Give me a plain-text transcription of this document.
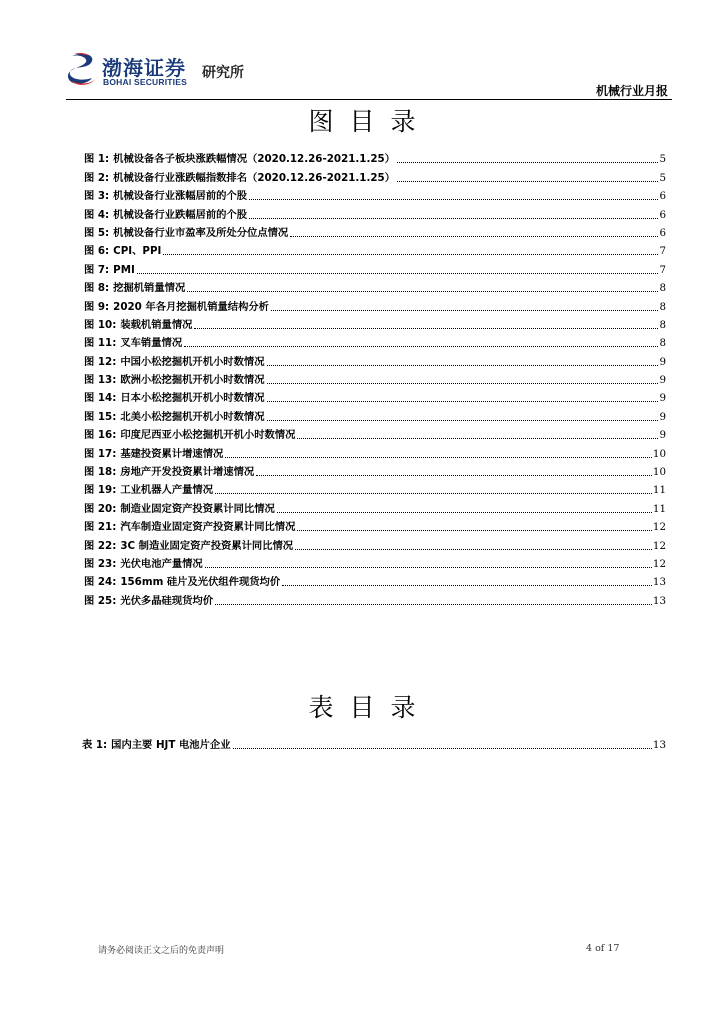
渤海证券
BOHAI SECURITIES
研究所
机械行业月报
图目录
图 1: 机械设备各子板块涨跌幅情况（2020.12.26-2021.1.25）	5
图 2: 机械设备行业涨跌幅指数排名（2020.12.26-2021.1.25）	5
图 3: 机械设备行业涨幅居前的个股	6
图 4: 机械设备行业跌幅居前的个股	6
图 5: 机械设备行业市盈率及所处分位点情况	6
图 6: CPI、PPI	7
图 7: PMI	7
图 8: 挖掘机销量情况	8
图 9: 2020 年各月挖掘机销量结构分析	8
图 10: 装载机销量情况	8
图 11: 叉车销量情况	8
图 12: 中国小松挖掘机开机小时数情况	9
图 13: 欧洲小松挖掘机开机小时数情况	9
图 14: 日本小松挖掘机开机小时数情况	9
图 15: 北美小松挖掘机开机小时数情况	9
图 16: 印度尼西亚小松挖掘机开机小时数情况	9
图 17: 基建投资累计增速情况	10
图 18: 房地产开发投资累计增速情况	10
图 19: 工业机器人产量情况	11
图 20: 制造业固定资产投资累计同比情况	11
图 21: 汽车制造业固定资产投资累计同比情况	12
图 22: 3C 制造业固定资产投资累计同比情况	12
图 23: 光伏电池产量情况	12
图 24: 156mm 硅片及光伏组件现货均价	13
图 25: 光伏多晶硅现货均价	13
表目录
表 1: 国内主要 HJT 电池片企业	13
请务必阅读正文之后的免责声明	4 of 17
